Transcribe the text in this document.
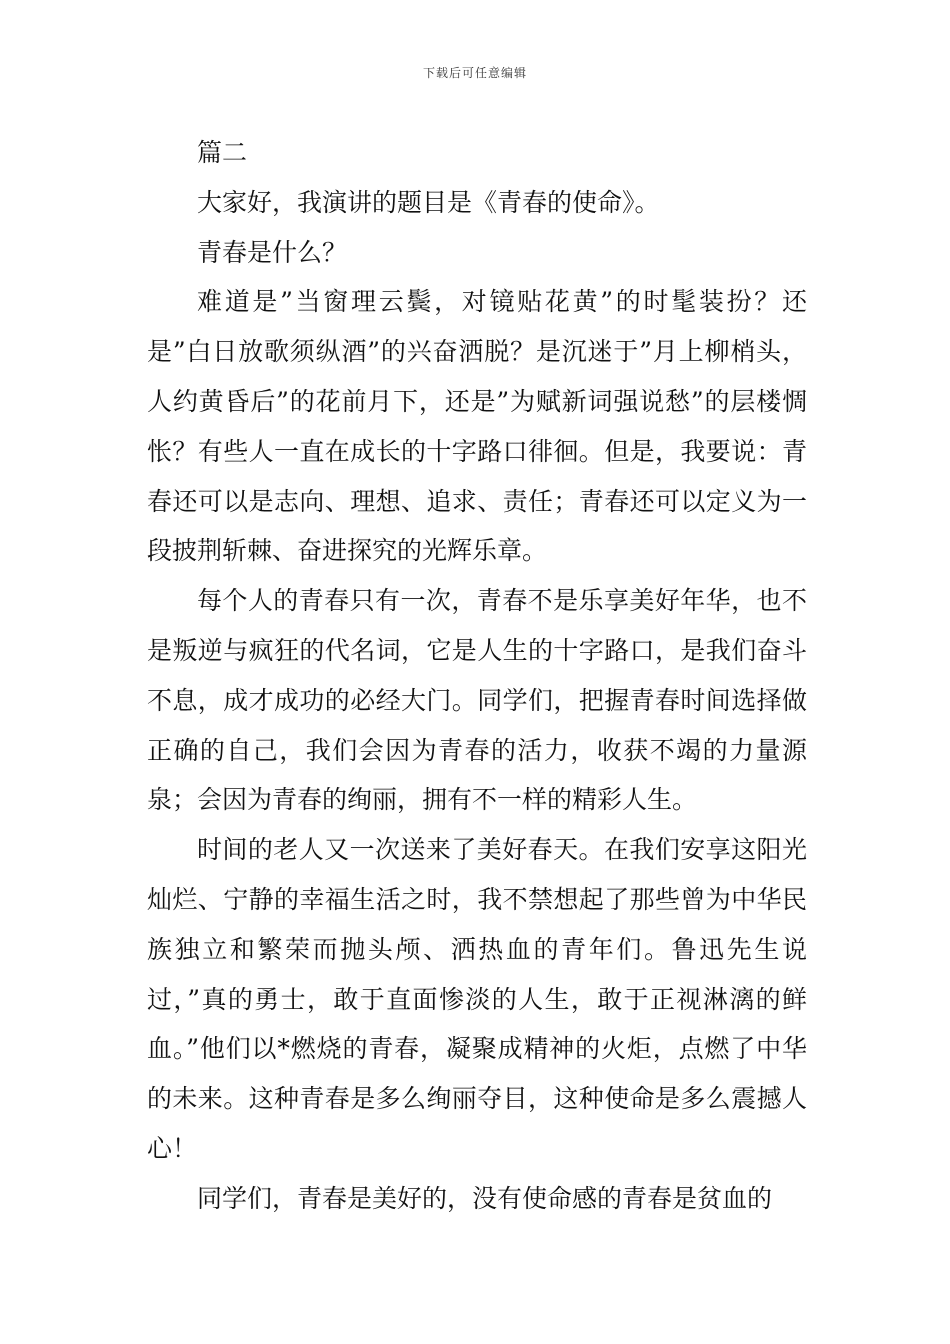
下载后可任意编辑

篇二

大家好，我演讲的题目是《青春的使命》。

青春是什么？

难道是”当窗理云鬓，对镜贴花黄”的时髦装扮？还是”白日放歌须纵酒”的兴奋洒脱？是沉迷于”月上柳梢头，人约黄昏后”的花前月下，还是”为赋新词强说愁”的层楼惆怅？有些人一直在成长的十字路口徘徊。但是，我要说：青春还可以是志向、理想、追求、责任；青春还可以定义为一段披荆斩棘、奋进探究的光辉乐章。

每个人的青春只有一次，青春不是乐享美好年华，也不是叛逆与疯狂的代名词，它是人生的十字路口，是我们奋斗不息，成才成功的必经大门。同学们，把握青春时间选择做正确的自己，我们会因为青春的活力，收获不竭的力量源泉；会因为青春的绚丽，拥有不一样的精彩人生。

时间的老人又一次送来了美好春天。在我们安享这阳光灿烂、宁静的幸福生活之时，我不禁想起了那些曾为中华民族独立和繁荣而抛头颅、洒热血的青年们。鲁迅先生说过，”真的勇士，敢于直面惨淡的人生，敢于正视淋漓的鲜血。”他们以*燃烧的青春，凝聚成精神的火炬，点燃了中华的未来。这种青春是多么绚丽夺目，这种使命是多么震撼人心！

同学们，青春是美好的，没有使命感的青春是贫血的
